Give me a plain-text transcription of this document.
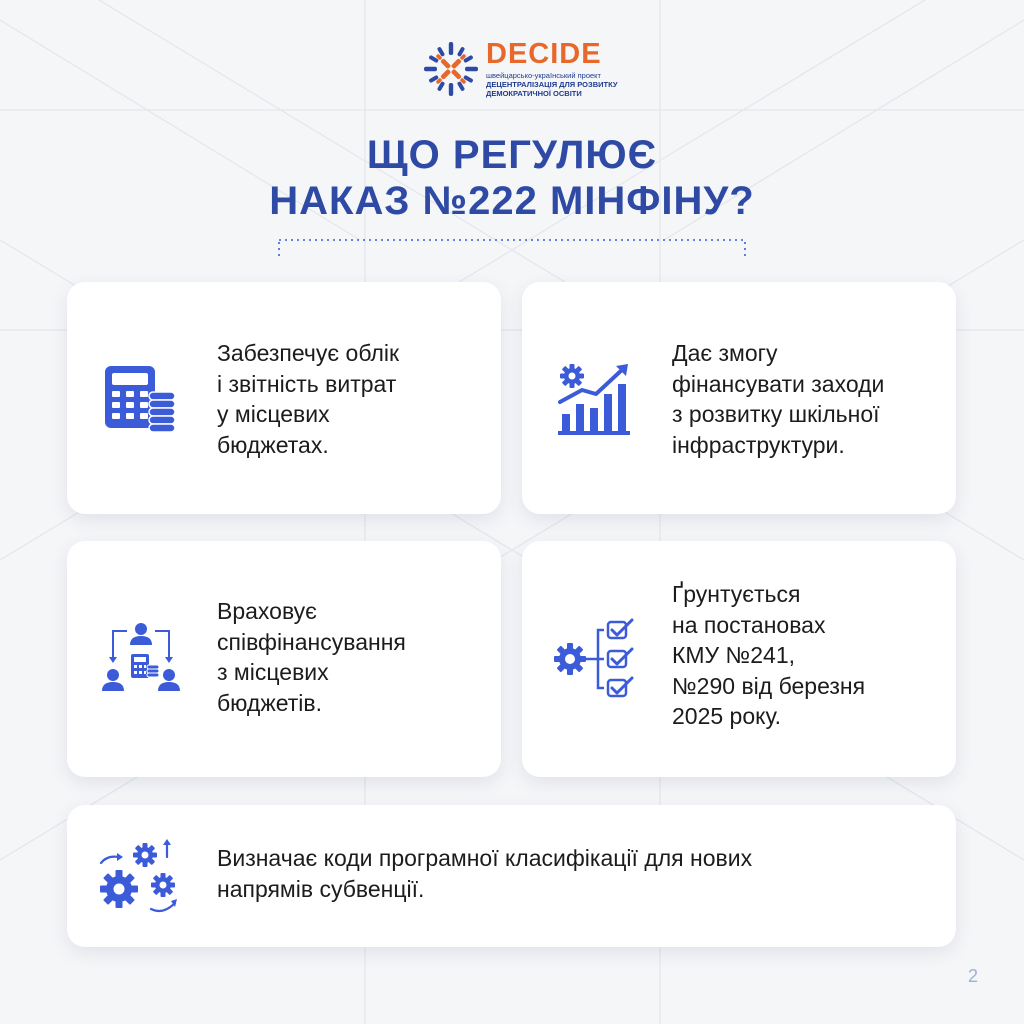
DECIDE
швейцарсько-український проект
ДЕЦЕНТРАЛІЗАЦІЯ ДЛЯ РОЗВИТКУ
ДЕМОКРАТИЧНОЇ ОСВІТИ
ЩО РЕГУЛЮЄ
НАКАЗ №222 МІНФІНУ?
Забезпечує облік
і звітність витрат
у місцевих
бюджетах.
Дає змогу
фінансувати заходи
з розвитку шкільної
інфраструктури.
Враховує
співфінансування
з місцевих
бюджетів.
Ґрунтується
на постановах
КМУ №241,
№290 від березня
2025 року.
Визначає коди програмної класифікації для нових
напрямів субвенції.
2
